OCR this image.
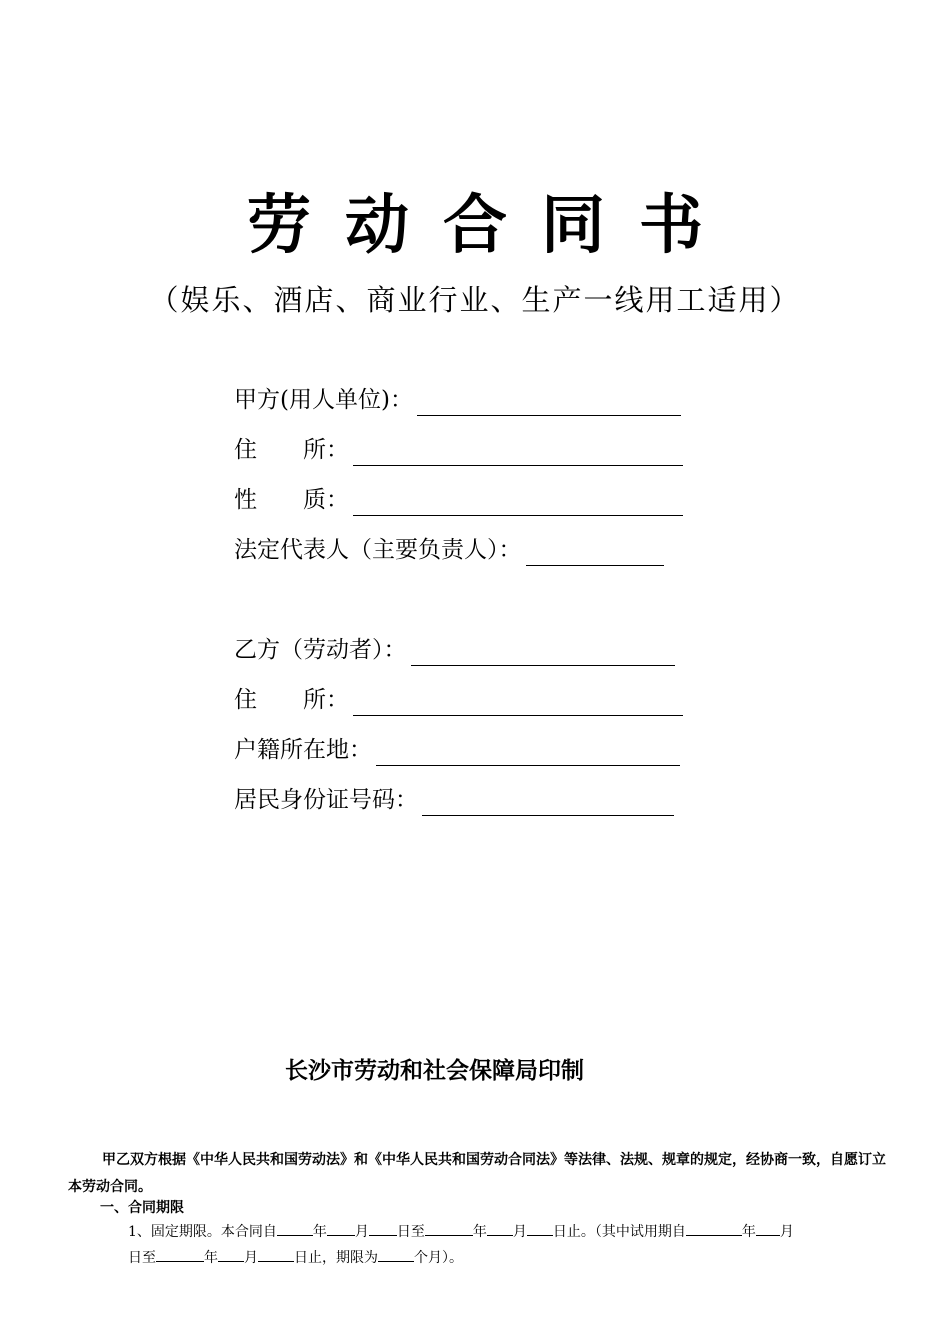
劳动合同书
（娱乐、酒店、商业行业、生产一线用工适用）
甲方(用人单位)：
住　　所：
性　　质：
法定代表人（主要负责人）：
乙方（劳动者）：
住　　所：
户籍所在地：
居民身份证号码：
长沙市劳动和社会保障局印制
甲乙双方根据《中华人民共和国劳动法》和《中华人民共和国劳动合同法》等法律、法规、规章的规定，经协商一致，自愿订立本劳动合同。
一、合同期限
1、固定期限。本合同自	年 月 日至	年 月 日止。（其中试用期自	年 月
日至	年 月	日止，期限为	个月）。
